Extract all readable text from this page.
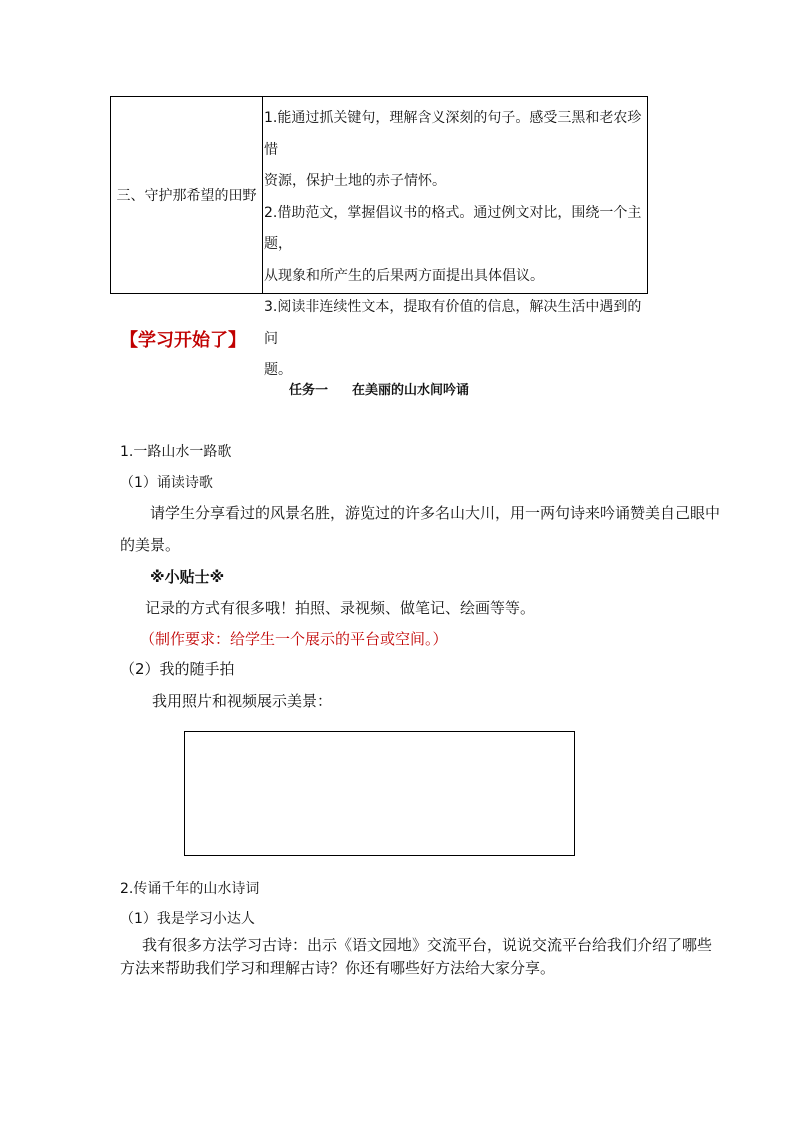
三、守护那希望的田野
1.能通过抓关键句，理解含义深刻的句子。感受三黑和老农珍惜
资源，保护土地的赤子情怀。
2.借助范文，掌握倡议书的格式。通过例文对比，围绕一个主题，
从现象和所产生的后果两方面提出具体倡议。
3.阅读非连续性文本，提取有价值的信息，解决生活中遇到的问
题。
【学习开始了】
任务一 在美丽的山水间吟诵
1.一路山水一路歌
（1）诵读诗歌
请学生分享看过的风景名胜，游览过的许多名山大川，用一两句诗来吟诵赞美自己眼中
的美景。
※小贴士※
记录的方式有很多哦！拍照、录视频、做笔记、绘画等等。
（制作要求：给学生一个展示的平台或空间。）
（2）我的随手拍
我用照片和视频展示美景：
2.传诵千年的山水诗词
（1）我是学习小达人
我有很多方法学习古诗：出示《语文园地》交流平台，说说交流平台给我们介绍了哪些
方法来帮助我们学习和理解古诗？你还有哪些好方法给大家分享。
